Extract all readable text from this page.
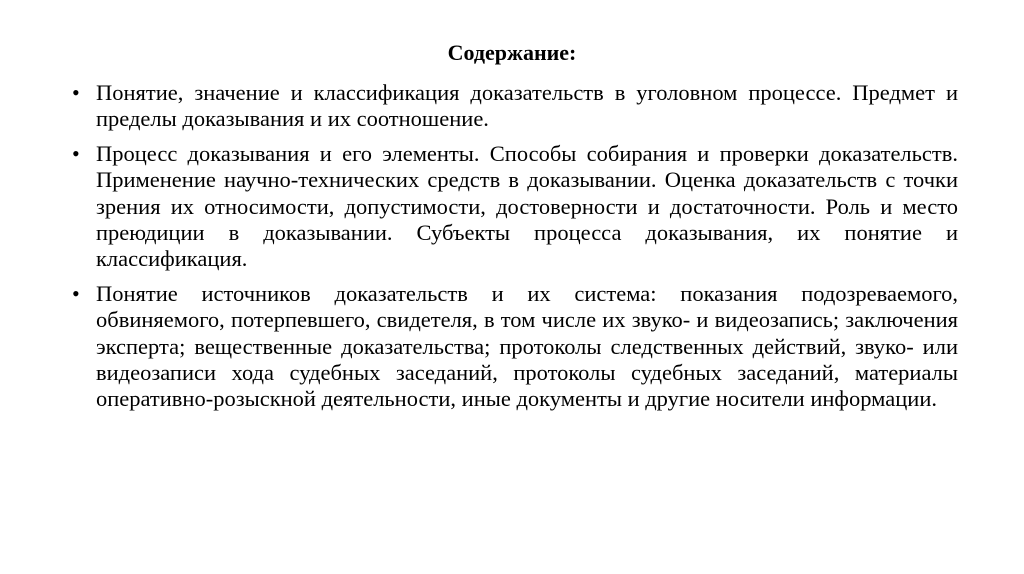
Содержание:
• Понятие, значение и классификация доказательств в уголовном процессе. Предмет и пределы доказывания и их соотношение.
• Процесс доказывания и его элементы. Способы собирания и проверки доказательств. Применение научно-технических средств в доказывании. Оценка доказательств с точки зрения их относимости, допустимости, достоверности и достаточности. Роль и место преюдиции в доказывании. Субъекты процесса доказывания, их понятие и классификация.
• Понятие источников доказательств и их система: показания подозреваемого, обвиняемого, потерпевшего, свидетеля, в том числе их звуко- и видеозапись; заключения эксперта; вещественные доказательства; протоколы следственных действий, звуко- или видеозаписи хода судебных заседаний, протоколы судебных заседаний, материалы оперативно-розыскной деятельности, иные документы и другие носители информации.
